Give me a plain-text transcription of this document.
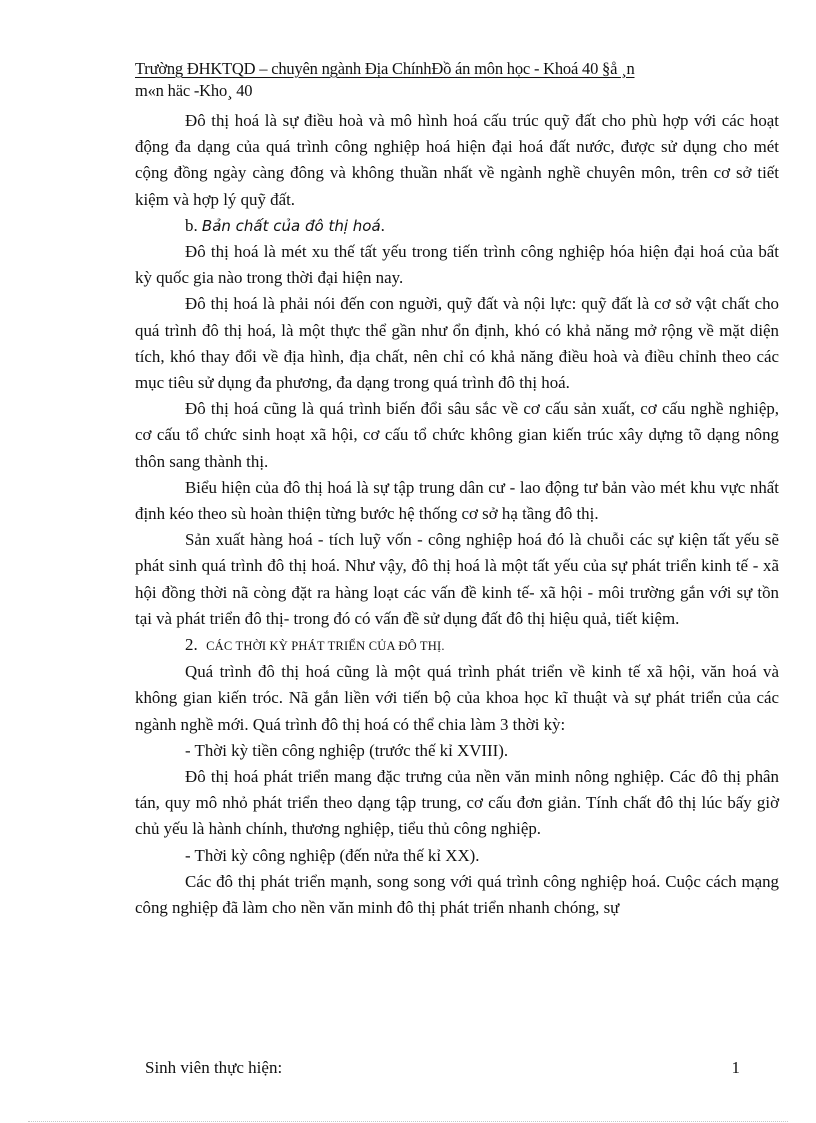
Trường ĐHKTQD – chuyên ngành Địa ChínhĐồ án môn học - Khoá 40 §å ¸n
m«n häc -Kho¸ 40

Đô thị hoá là sự điều hoà và mô hình hoá cấu trúc quỹ đất cho phù hợp với các hoạt động đa dạng của quá trình công nghiệp hoá hiện đại hoá đất nước, được sử dụng cho mét cộng đồng ngày càng đông và không thuần nhất về ngành nghề chuyên môn, trên cơ sở tiết kiệm và hợp lý quỹ đất.

b. Bản chất của đô thị hoá.

Đô thị hoá là mét xu thế tất yếu trong tiến trình công nghiệp hóa hiện đại hoá của bất kỳ quốc gia nào trong thời đại hiện nay.

Đô thị hoá là phải nói đến con nguời, quỹ đất và nội lực: quỹ đất là cơ sở vật chất cho quá trình đô thị hoá, là một thực thể gần như ổn định, khó có khả năng mở rộng về mặt diện tích, khó thay đổi về địa hình, địa chất, nên chỉ có khả năng điều hoà và điều chỉnh theo các mục tiêu sử dụng đa phương, đa dạng trong quá trình đô thị hoá.

Đô thị hoá cũng là quá trình biến đổi sâu sắc về cơ cấu sản xuất, cơ cấu nghề nghiệp, cơ cấu tổ chức sinh hoạt xã hội, cơ cấu tổ chức không gian kiến trúc xây dựng tõ dạng nông thôn sang thành thị.

Biểu hiện của đô thị hoá là sự tập trung dân cư - lao động tư bản vào mét khu vực nhất định kéo theo sù hoàn thiện từng bước hệ thống cơ sở hạ tầng đô thị.

Sản xuất hàng hoá - tích luỹ vốn - công nghiệp hoá đó là chuỗi các sự kiện tất yếu sẽ phát sinh quá trình đô thị hoá. Như vậy, đô thị hoá là một tất yếu của sự phát triển kinh tế - xã hội đồng thời nã còng đặt ra hàng loạt các vấn đề kinh tế- xã hội - môi trường gắn với sự tồn tại và phát triển đô thị- trong đó có vấn đề sử dụng đất đô thị hiệu quả, tiết kiệm.

2. CÁC THỜI KỲ PHÁT TRIỂN CỦA ĐÔ THỊ.

Quá trình đô thị hoá cũng là một quá trình phát triển về kinh tế xã hội, văn hoá và không gian kiến tróc. Nã gắn liền với tiến bộ của khoa học kĩ thuật và sự phát triển của các ngành nghề mới. Quá trình đô thị hoá có thể chia làm 3 thời kỳ:

- Thời kỳ tiền công nghiệp (trước thế kỉ XVIII).

Đô thị hoá phát triển mang đặc trưng của nền văn minh nông nghiệp. Các đô thị phân tán, quy mô nhỏ phát triển theo dạng tập trung, cơ cấu đơn giản. Tính chất đô thị lúc bấy giờ chủ yếu là hành chính, thương nghiệp, tiểu thủ công nghiệp.

- Thời kỳ công nghiệp (đến nửa thế kỉ XX).

Các đô thị phát triển mạnh, song song với quá trình công nghiệp hoá. Cuộc cách mạng công nghiệp đã làm cho nền văn minh đô thị phát triển nhanh chóng, sự

Sinh viên thực hiện:	1
